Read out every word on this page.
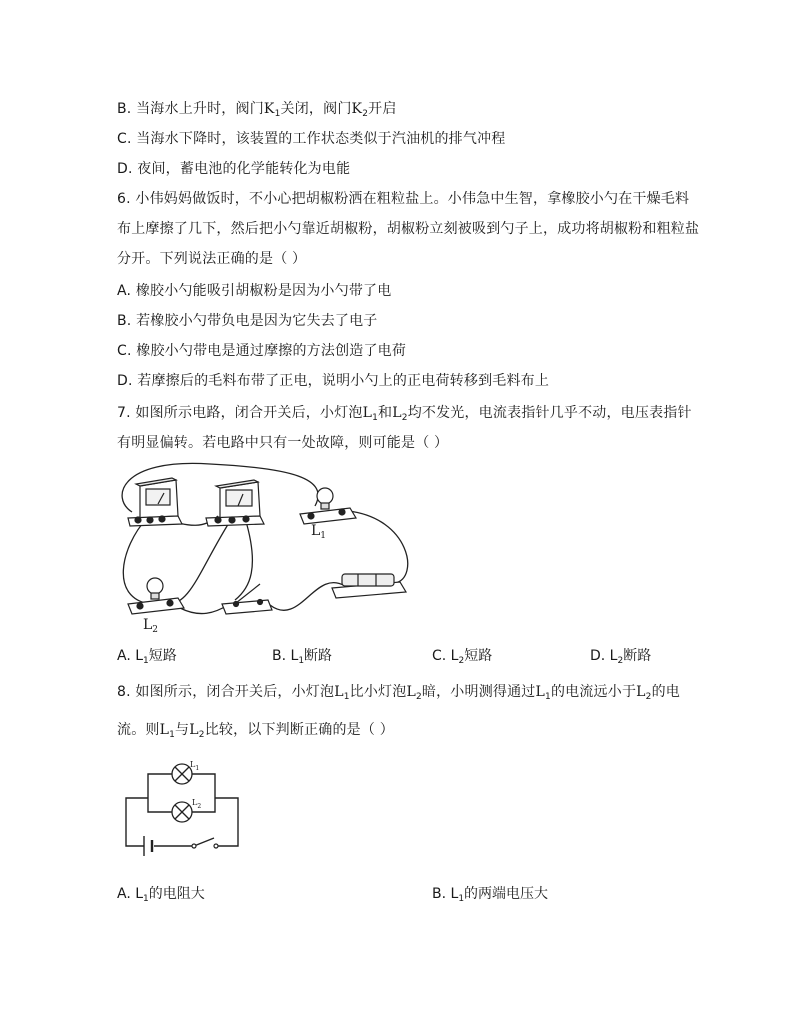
B. 当海水上升时，阀门$K_1$关闭，阀门$K_2$开启
C. 当海水下降时，该装置的工作状态类似于汽油机的排气冲程
D. 夜间，蓄电池的化学能转化为电能
6. 小伟妈妈做饭时，不小心把胡椒粉洒在粗粒盐上。小伟急中生智，拿橡胶小勺在干燥毛料
布上摩擦了几下，然后把小勺靠近胡椒粉，胡椒粉立刻被吸到勺子上，成功将胡椒粉和粗粒盐
分开。下列说法正确的是（ ）
A. 橡胶小勺能吸引胡椒粉是因为小勺带了电
B. 若橡胶小勺带负电是因为它失去了电子
C. 橡胶小勺带电是通过摩擦的方法创造了电荷
D. 若摩擦后的毛料布带了正电，说明小勺上的正电荷转移到毛料布上
7. 如图所示电路，闭合开关后，小灯泡$L_1$和$L_2$均不发光，电流表指针几乎不动，电压表指针
有明显偏转。若电路中只有一处故障，则可能是（ ）
$L_1$
$L_2$
A. $L_1$短路	B. $L_1$断路	C. $L_2$短路	D. $L_2$断路
8. 如图所示，闭合开关后，小灯泡$L_1$比小灯泡$L_2$暗，小明测得通过$L_1$的电流远小于$L_2$的电
流。则$L_1$与$L_2$比较，以下判断正确的是（ ）
$L_1$
$L_2$
A. $L_1$的电阻大	B. $L_1$的两端电压大
